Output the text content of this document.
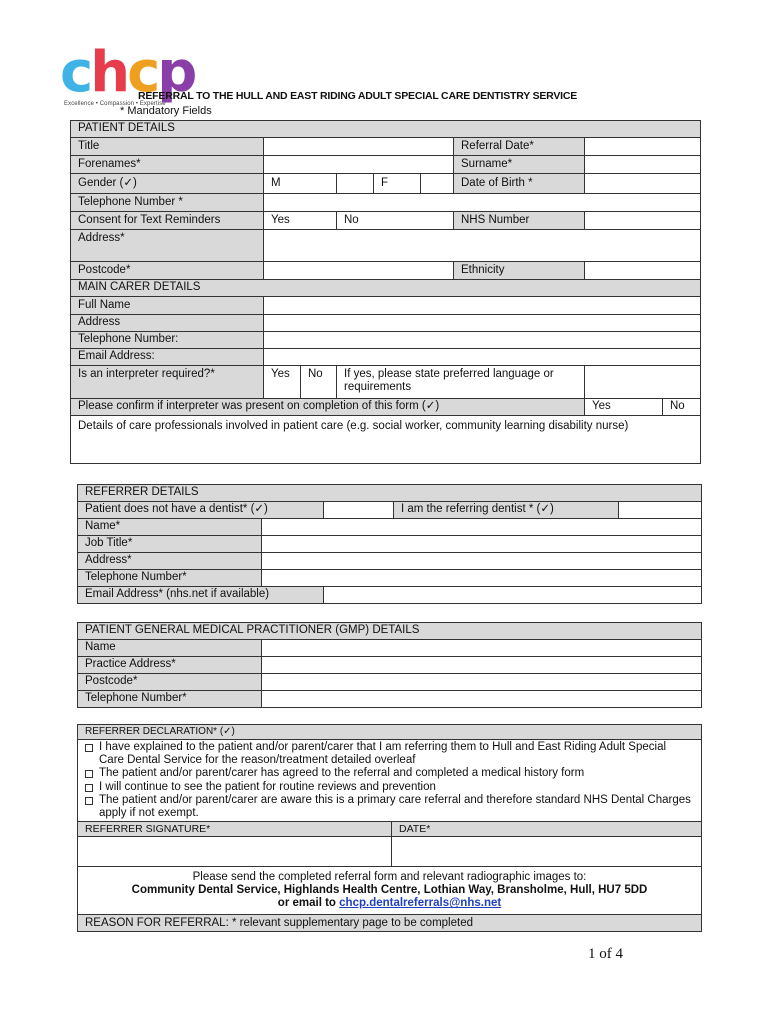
chcp
Excellence • Compassion • Expertise
REFERRAL TO THE HULL AND EAST RIDING ADULT SPECIAL CARE DENTISTRY SERVICE
* Mandatory Fields
PATIENT DETAILS								
Title						Referral Date*		
Forenames*						Surname*		
Gender (✓)	M			F		Date of Birth *		
Telephone Number *								
Consent for Text Reminders	Yes		No			NHS Number		
Address*								
Postcode*						Ethnicity		
MAIN CARER DETAILS								
Full Name								
Address								
Telephone Number:								
Email Address:								
Is an interpreter required?*	Yes	No	If yes, please state preferred language or requirements					
Please confirm if interpreter was present on completion of this form (✓)							Yes	No
Details of care professionals involved in patient care (e.g. social worker, community learning disability nurse)								
REFERRER DETAILS				
Patient does not have a dentist* (✓)			I am the referring dentist * (✓)	
Name*				
Job Title*				
Address*				
Telephone Number*				
Email Address* (nhs.net if available)				
PATIENT GENERAL MEDICAL PRACTITIONER (GMP) DETAILS	
Name	
Practice Address*	
Postcode*	
Telephone Number*	
REFERRER DECLARATION* (✓)	

I have explained to the patient and/or parent/carer that I am referring them to Hull and East Riding Adult Special Care Dental Service for the reason/treatment detailed overleaf
The patient and/or parent/carer has agreed to the referral and completed a medical history form
I will continue to see the patient for routine reviews and prevention
The patient and/or parent/carer are aware this is a primary care referral and therefore standard NHS Dental Charges apply if not exempt.	

REFERRER SIGNATURE*	DATE*

Please send the completed referral form and relevant radiographic images to:
Community Dental Service, Highlands Health Centre, Lothian Way, Bransholme, Hull, HU7 5DD
or email to chcp.dentalreferrals@nhs.net	

REASON FOR REFERRAL: * relevant supplementary page to be completed	
1 of 4
